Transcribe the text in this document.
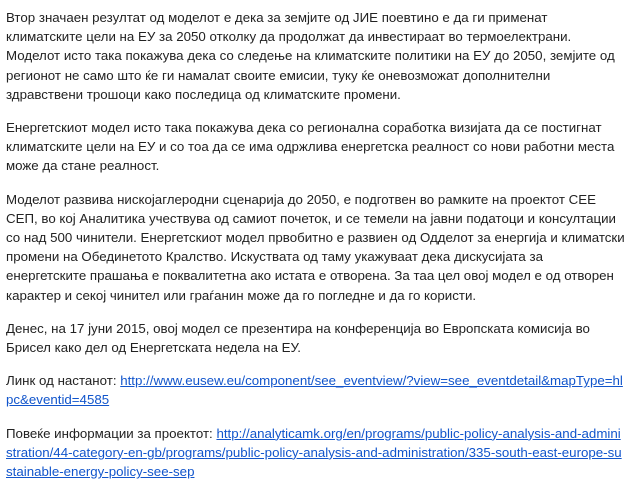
Втор значаен резултат од моделот е дека за земјите од ЈИЕ поевтино е да ги применат климатските цели на ЕУ за 2050 отколку да продолжат да инвестираат во термоелектрани. Моделот исто така покажува дека со следење на климатските политики на ЕУ до 2050, земјите од регионот не само што ќе ги намалат своите емисии, туку ќе оневозможат дополнителни здравствени трошоци како последица од климатските промени.

Енергетскиот модел исто така покажува дека со регионална соработка визијата да се постигнат климатските цели на ЕУ и со тоа да се има одржлива енергетска реалност со нови работни места може да стане реалност.

Моделот развива нискојаглеродни сценарија до 2050, е подготвен во рамките на проектот СЕЕ СЕП, во кој Аналитика учествува од самиот почеток, и се темели на јавни податоци и консултации со над 500 чинители. Енергетскиот модел првобитно е развиен од Одделот за енергија и климатски промени на Обединетото Кралство. Искуствата од таму укажуваат дека дискусијата за енергетските прашања е поквалитетна ако истата е отворена. За таа цел овој модел е од отворен карактер и секој чинител или граѓанин може да го погледне и да го користи.

Денес, на 17 јуни 2015, овој модел се презентира на конференција во Европската комисија во Брисел како дел од Енергетската недела на ЕУ.

Линк од настанот: http://www.eusew.eu/component/see_eventview/?view=see_eventdetail&mapType=hlpc&eventid=4585

Повеќе информации за проектот: http://analyticamk.org/en/programs/public-policy-analysis-and-administration/44-category-en-gb/programs/public-policy-analysis-and-administration/335-south-east-europe-sustainable-energy-policy-see-sep
